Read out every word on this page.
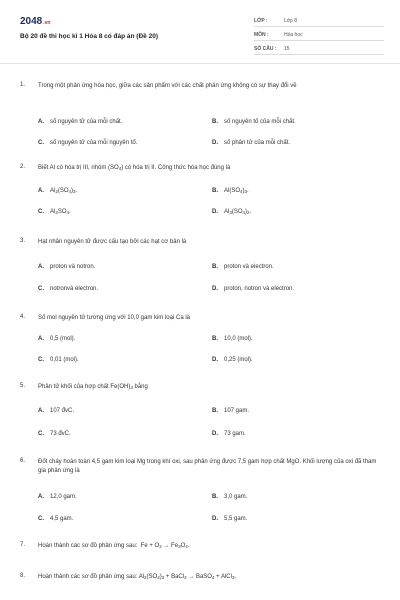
2048.vn
Bộ 20 đề thi học kì 1 Hóa 8 có đáp án (Đề 20)
LỚP :	Lớp 8
MÔN :	Hóa học
SỐ CÂU : 15
1. Trong một phản ứng hóa học, giữa các sản phẩm với các chất phản ứng không có sự thay đổi về
A. số nguyên tử của mỗi chất.	B. số nguyên tố của mỗi chất.
C. số nguyên tử của mỗi nguyên tố.	D. số phân tử của mỗi chất.
2. Biết Al có hóa trị III, nhóm $(SO_4)$ có hóa trị II. Công thức hóa học đúng là
A. $Al_2(SO_4)_3$.	B. $Al(SO_4)_3$.
C. $Al_2SO_4$.	D. $Al_3(SO_4)_2$.
3. Hạt nhân nguyên tử được cấu tạo bởi các hạt cơ bản là
A. proton và notron.	B. proton và electron.
C. notronvà electron.	D. proton, notron và electron.
4. Số mol nguyên tử tương ứng với 10,0 gam kim loại Ca là
A. 0,5 (mol).	B. 10,0 (mol).
C. 0,01 (mol).	D. 0,25 (mol).
5. Phân tử khối của hợp chất $Fe(OH)_3$ bằng
A. 107 đvC.	B. 107 gam.
C. 73 đvC.	D. 73 gam.
6. Đốt cháy hoàn toàn 4,5 gam kim loại Mg trong khí oxi, sau phản ứng được 7,5 gam hợp chất MgO. Khối lượng của oxi đã tham gia phản ứng là
A. 12,0 gam.	B. 3,0 gam.
C. 4,5 gam.	D. 5,5 gam.
7. Hoàn thành các sơ đồ phản ứng sau:  $Fe + O_2 \to Fe_3O_4$.
8. Hoàn thành các sơ đồ phản ứng sau: $Al_2(SO_4)_3$ + BaCl$_2$ → BaSO$_4$ + AlCl$_3$.
